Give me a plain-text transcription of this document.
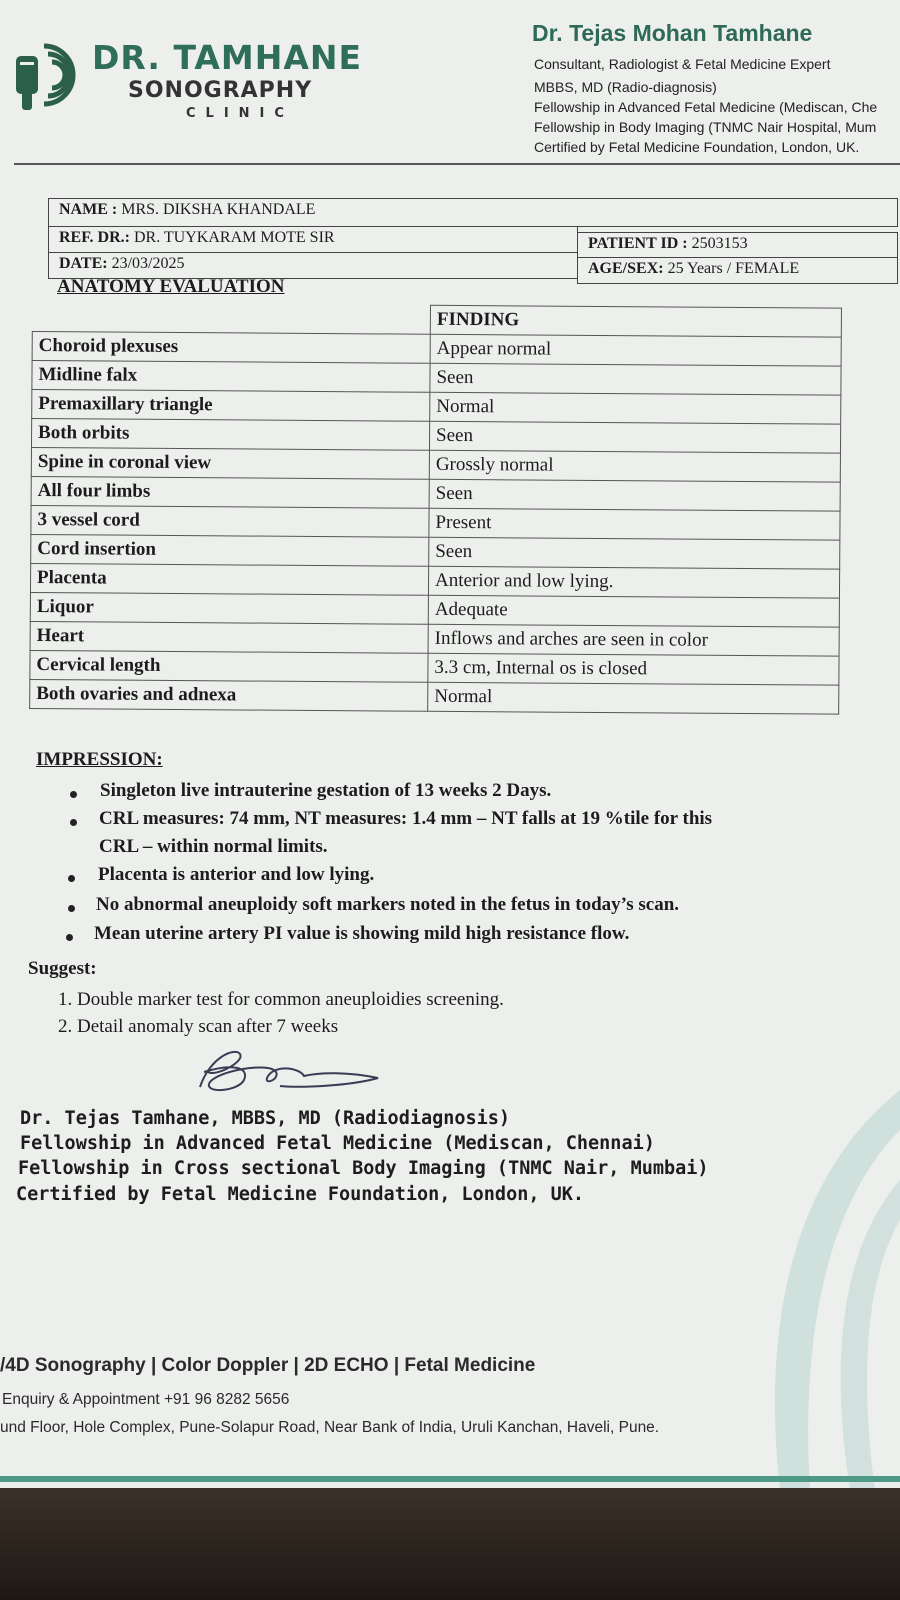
DR. TAMHANE
SONOGRAPHY
CLINIC
Dr. Tejas Mohan Tamhane
Consultant, Radiologist & Fetal Medicine Expert
MBBS, MD (Radio-diagnosis)
Fellowship in Advanced Fetal Medicine (Mediscan, Che
Fellowship in Body Imaging (TNMC Nair Hospital, Mum
Certified by Fetal Medicine Foundation, London, UK.
NAME : MRS. DIKSHA KHANDALE
REF. DR.: DR. TUYKARAM MOTE SIR	PATIENT ID : 2503153
DATE: 23/03/2025	AGE/SEX: 25 Years / FEMALE
ANATOMY EVALUATION
	FINDING
Choroid plexuses	Appear normal
Midline falx	Seen
Premaxillary triangle	Normal
Both orbits	Seen
Spine in coronal view	Grossly normal
All four limbs	Seen
3 vessel cord	Present
Cord insertion	Seen
Placenta	Anterior and low lying.
Liquor	Adequate
Heart	Inflows and arches are seen in color
Cervical length	3.3 cm, Internal os is closed
Both ovaries and adnexa	Normal
IMPRESSION:
Singleton live intrauterine gestation of 13 weeks 2 Days.
CRL measures: 74 mm, NT measures: 1.4 mm – NT falls at 19 %tile for this
CRL – within normal limits.
Placenta is anterior and low lying.
No abnormal aneuploidy soft markers noted in the fetus in today’s scan.
Mean uterine artery PI value is showing mild high resistance flow.
Suggest:
1. Double marker test for common aneuploidies screening.
2. Detail anomaly scan after 7 weeks
Dr. Tejas Tamhane, MBBS, MD (Radiodiagnosis)
Fellowship in Advanced Fetal Medicine (Mediscan, Chennai)
Fellowship in Cross sectional Body Imaging (TNMC Nair, Mumbai)
Certified by Fetal Medicine Foundation, London, UK.
/4D Sonography | Color Doppler | 2D ECHO | Fetal Medicine
Enquiry & Appointment +91 96 8282 5656
und Floor, Hole Complex, Pune-Solapur Road, Near Bank of India, Uruli Kanchan, Haveli, Pune.
